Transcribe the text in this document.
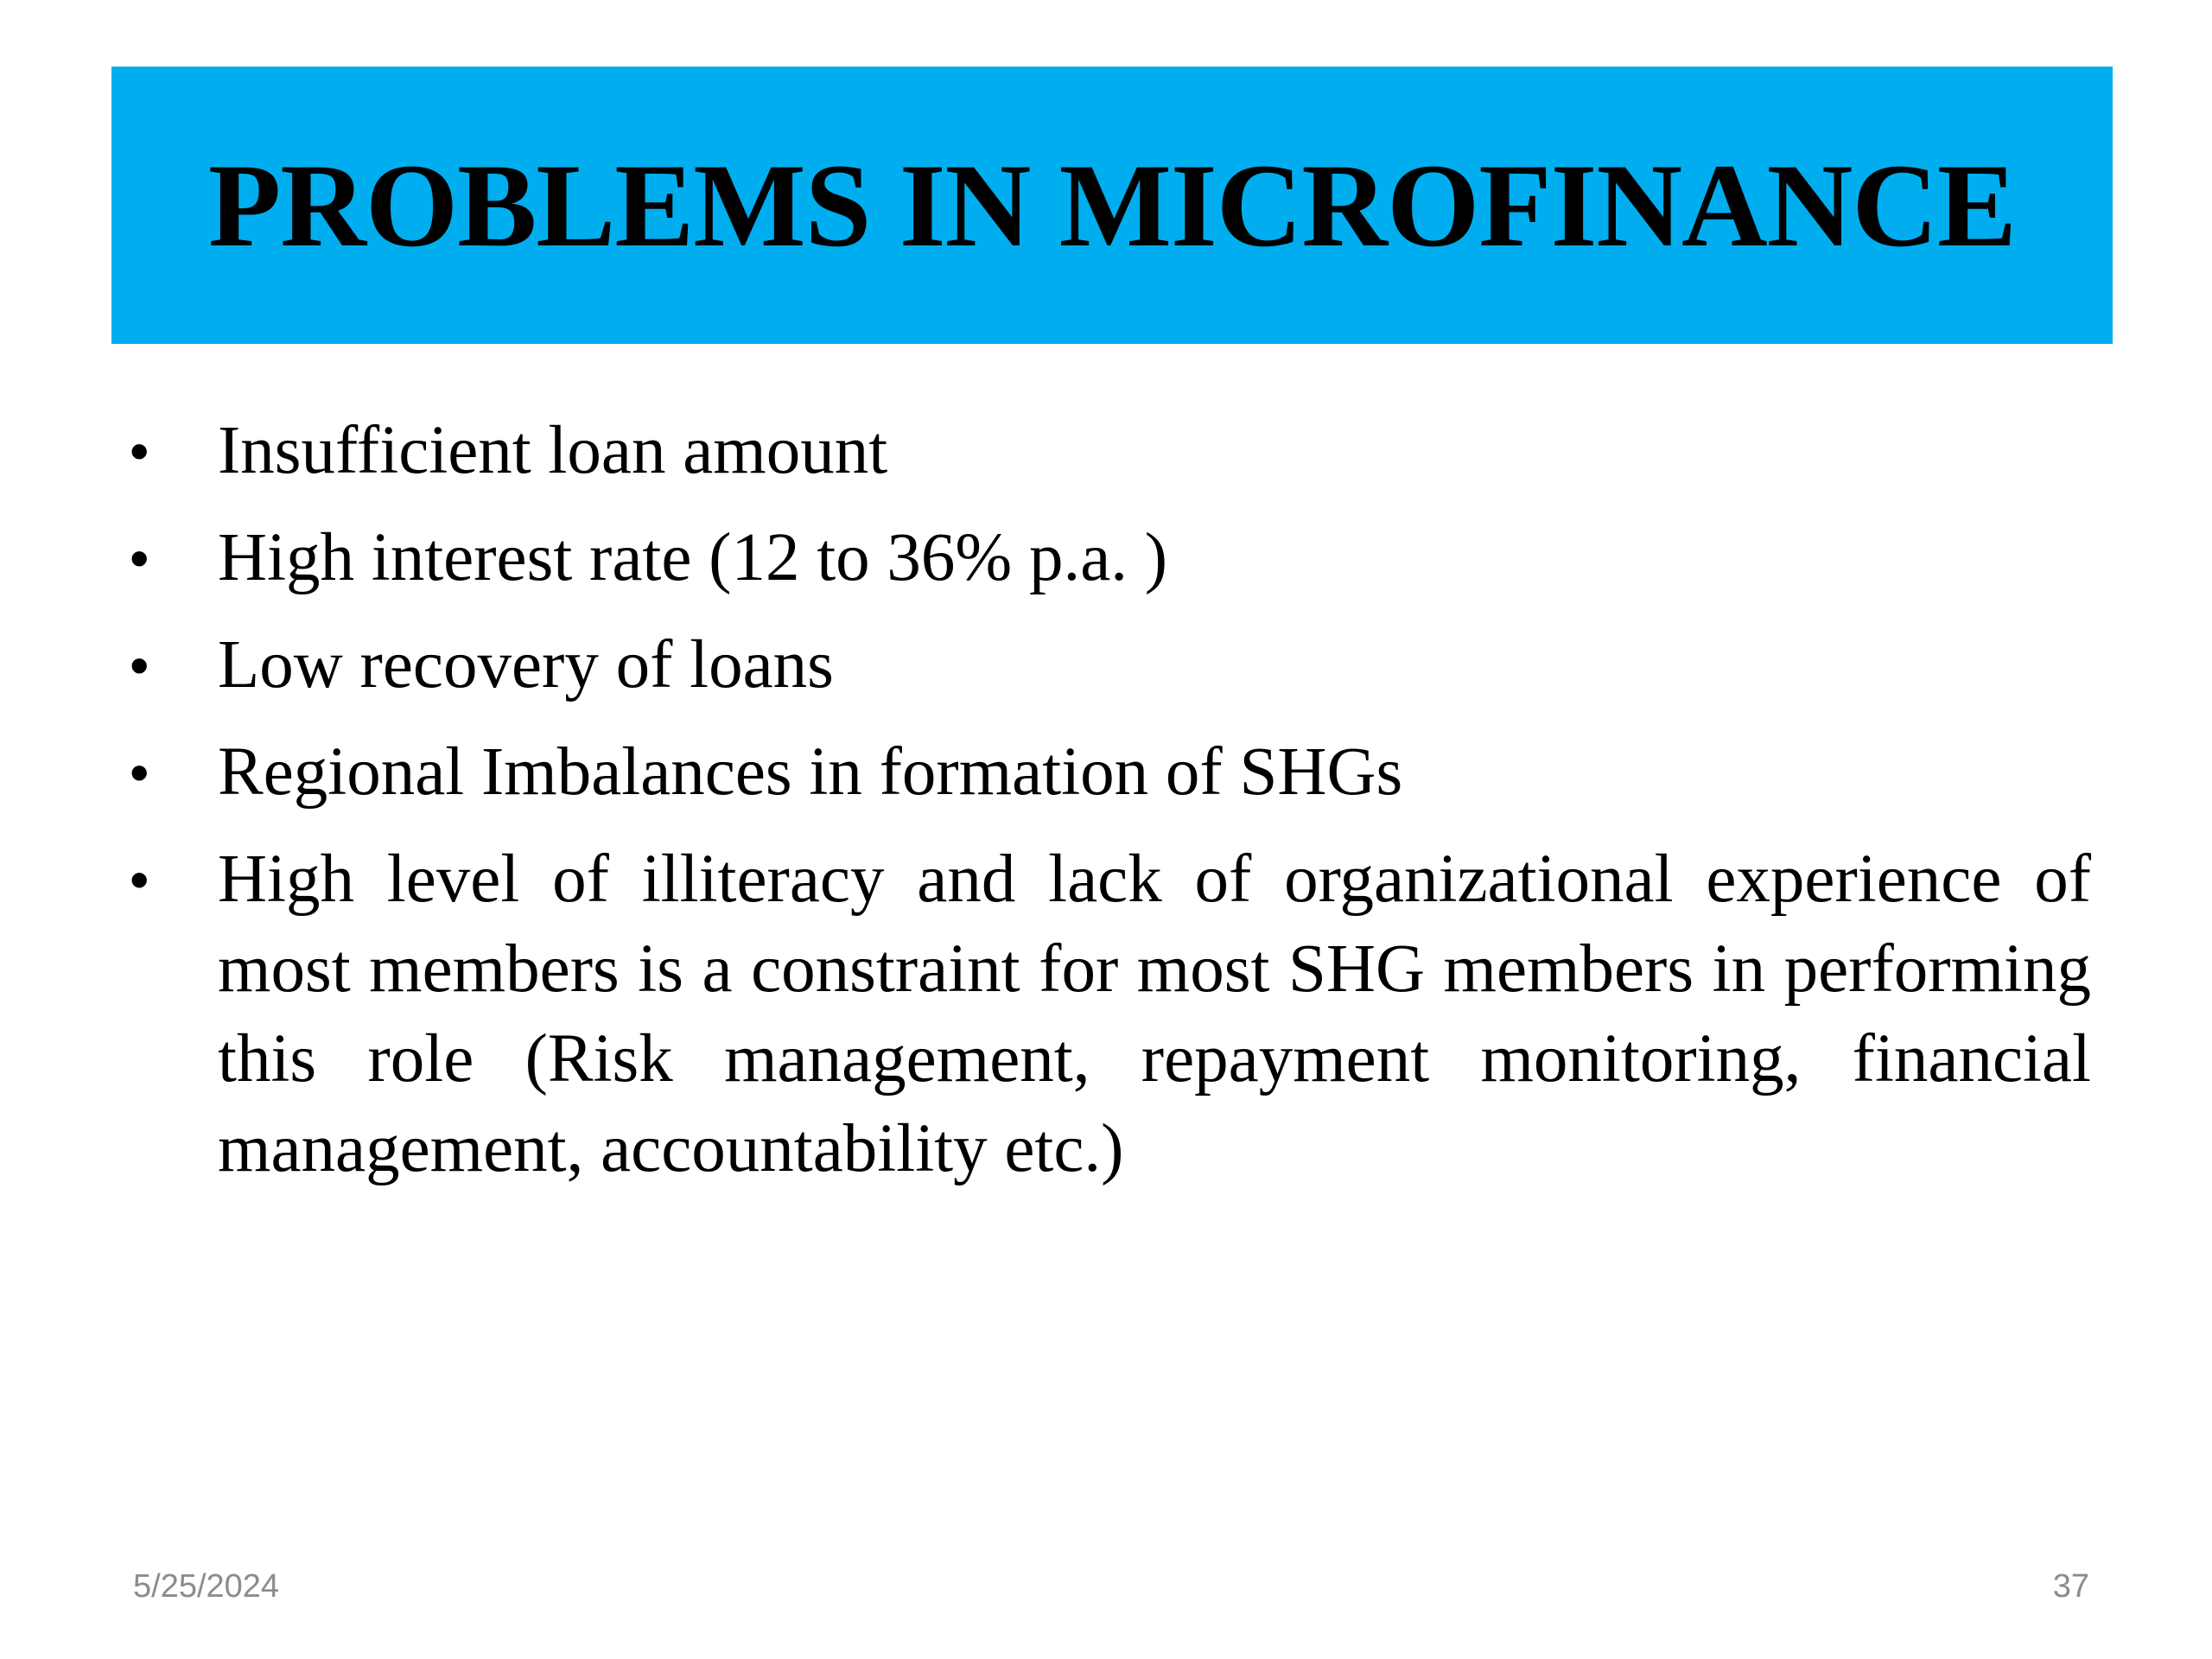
PROBLEMS IN MICROFINANCE
• Insufficient loan amount
• High interest rate (12 to 36% p.a. )
• Low recovery of loans
• Regional Imbalances in formation of SHGs
• High level of illiteracy and lack of organizational experience of most members is a constraint for most SHG members in performing this role (Risk management, repayment monitoring, financial management, accountability etc.)
5/25/2024	37
